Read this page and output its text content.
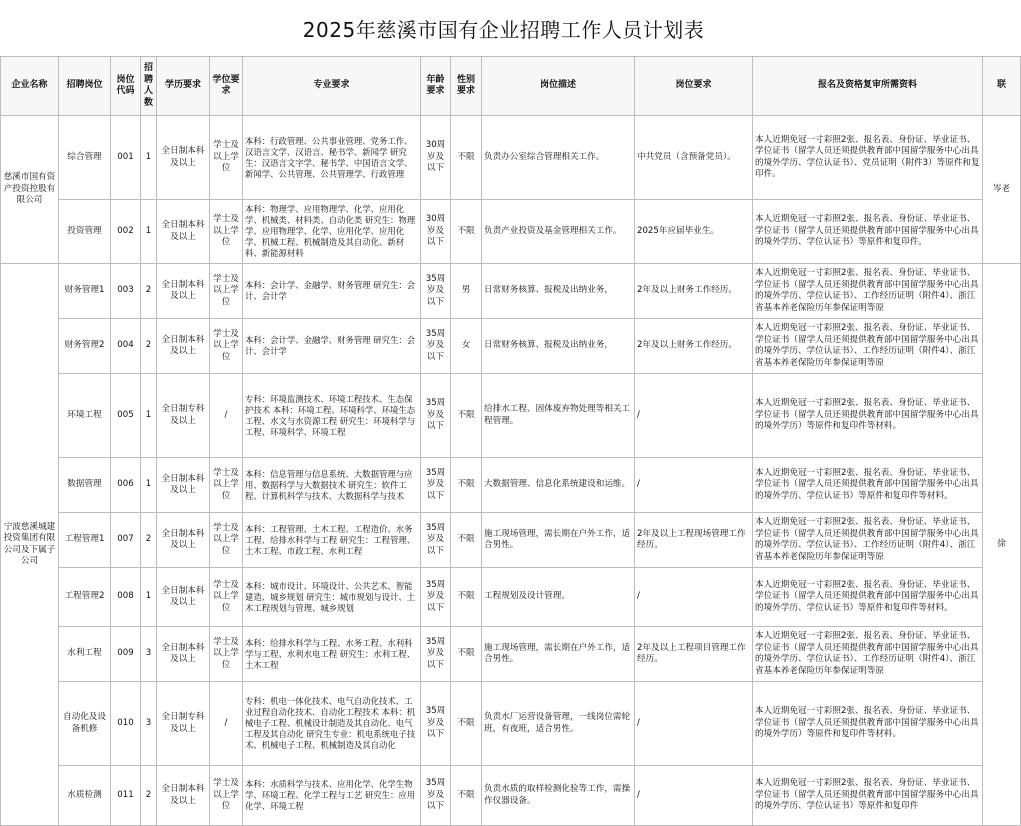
2025年慈溪市国有企业招聘工作人员计划表
企业名称	招聘岗位	岗位代码	招聘人数	学历要求	学位要求	专业要求	年龄要求	性别要求	岗位描述	岗位要求	报名及资格复审所需资料	联
慈溪市国有资产投资控股有限公司	综合管理	001	1	全日制本科及以上	学士及以上学位	本科：行政管理、公共事业管理、党务工作、汉语言文学、汉语言、秘书学、新闻学 研究生：汉语言文字学、秘书学、中国语言文学、新闻学、公共管理、公共管理学、行政管理	30周岁及以下	不限	负责办公室综合管理相关工作。	中共党员（含预备党员）。	本人近期免冠一寸彩照2张、报名表、身份证、毕业证书、学位证书（留学人员还须提供教育部中国留学服务中心出具的境外学历、学位认证书）、党员证明（附件3）等原件和复印件。	岑老
	投资管理	002	1	全日制本科及以上	学士及以上学位	本科：物理学、应用物理学、化学、应用化学、机械类、材料类、自动化类 研究生：物理学、应用物理学、化学、应用化学、应用化学、机械工程、机械制造及其自动化、新材料、新能源材料	30周岁及以下	不限	负责产业投资及基金管理相关工作。	2025年应届毕业生。	本人近期免冠一寸彩照2张、报名表、身份证、毕业证书、学位证书（留学人员还须提供教育部中国留学服务中心出具的境外学历、学位认证书）等原件和复印件。	
宁波慈溪城建投资集团有限公司及下属子公司	财务管理1	003	2	全日制本科及以上	学士及以上学位	本科：会计学、金融学、财务管理 研究生：会计、会计学	35周岁及以下	男	日常财务核算、报税及出纳业务，	2年及以上财务工作经历。	本人近期免冠一寸彩照2张、报名表、身份证、毕业证书、学位证书（留学人员还须提供教育部中国留学服务中心出具的境外学历、学位认证书）、工作经历证明（附件4）、浙江省基本养老保险历年参保证明等原	徐
	财务管理2	004	2	全日制本科及以上	学士及以上学位	本科：会计学、金融学、财务管理 研究生：会计、会计学	35周岁及以下	女	日常财务核算、报税及出纳业务，	2年及以上财务工作经历。	本人近期免冠一寸彩照2张、报名表、身份证、毕业证书、学位证书（留学人员还须提供教育部中国留学服务中心出具的境外学历、学位认证书）、工作经历证明（附件4）、浙江省基本养老保险历年参保证明等原	
	环境工程	005	1	全日制专科及以上	/	专科：环境监测技术、环境工程技术、生态保护技术 本科：环境工程、环境科学、环境生态工程、水文与水资源工程 研究生：环境科学与工程、环境科学、环境工程	35周岁及以下	不限	给排水工程、固体废弃物处理等相关工程管理。	/	本人近期免冠一寸彩照2张、报名表、身份证、毕业证书、学位证书（留学人员还须提供教育部中国留学服务中心出具的境外学历）等原件和复印件等材料。	
	数据管理	006	1	全日制本科及以上	学士及以上学位	本科：信息管理与信息系统、大数据管理与应用、数据科学与大数据技术 研究生：软件工程、计算机科学与技术、大数据科学与技术	35周岁及以下	不限	大数据管理、信息化系统建设和运维。	/	本人近期免冠一寸彩照2张、报名表、身份证、毕业证书、学位证书（留学人员还须提供教育部中国留学服务中心出具的境外学历、学位认证书）等原件和复印件等材料。	
	工程管理1	007	2	全日制本科及以上	学士及以上学位	本科：工程管理、土木工程、工程造价、水务工程、给排水科学与工程 研究生：工程管理、土木工程、市政工程、水利工程	35周岁及以下	不限	施工现场管理，需长期在户外工作，适合男性。	2年及以上工程现场管理工作经历。	本人近期免冠一寸彩照2张、报名表、身份证、毕业证书、学位证书（留学人员还须提供教育部中国留学服务中心出具的境外学历、学位认证书）、工作经历证明（附件4）、浙江省基本养老保险历年参保证明等原	
	工程管理2	008	1	全日制本科及以上	学士及以上学位	本科：城市设计、环境设计、公共艺术、智能建造、城乡规划 研究生：城市规划与设计、土木工程规划与管理、城乡规划	35周岁及以下	不限	工程规划及设计管理。	/	本人近期免冠一寸彩照2张、报名表、身份证、毕业证书、学位证书（留学人员还须提供教育部中国留学服务中心出具的境外学历、学位认证书）等原件和复印件等材料。	
	水利工程	009	3	全日制本科及以上	学士及以上学位	本科：给排水科学与工程、水务工程、水利科学与工程、水利水电工程 研究生：水利工程、土木工程	35周岁及以下	不限	施工现场管理，需长期在户外工作，适合男性。	2年及以上工程项目管理工作经历。	本人近期免冠一寸彩照2张、报名表、身份证、毕业证书、学位证书（留学人员还须提供教育部中国留学服务中心出具的境外学历、学位认证书）、工作经历证明（附件4）、浙江省基本养老保险历年参保证明等原	
	自动化及设备机修	010	3	全日制专科及以上	/	专科：机电一体化技术、电气自动化技术、工业过程自动化技术、自动化工程技术 本科：机械电子工程、机械设计制造及其自动化、电气工程及其自动化 研究生专业：机电系统电子技术、机械电子工程、机械制造及其自动化	35周岁及以下	不限	负责水厂运营设备管理，一线岗位需轮班，有夜班，适合男性。	/	本人近期免冠一寸彩照2张、报名表、身份证、毕业证书、学位证书（留学人员还须提供教育部中国留学服务中心出具的境外学历）等原件和复印件等材料。	
	水质检测	011	2	全日制本科及以上	学士及以上学位	本科：水质科学与技术、应用化学、化学生物学、环境工程、化学工程与工艺 研究生：应用化学、环境工程	35周岁及以下	不限	负责水质的取样检测化验等工作，需操作仪器设备。	/	本人近期免冠一寸彩照2张、报名表、身份证、毕业证书、学位证书（留学人员还须提供教育部中国留学服务中心出具的境外学历、学位认证书）等原件和复印件	
